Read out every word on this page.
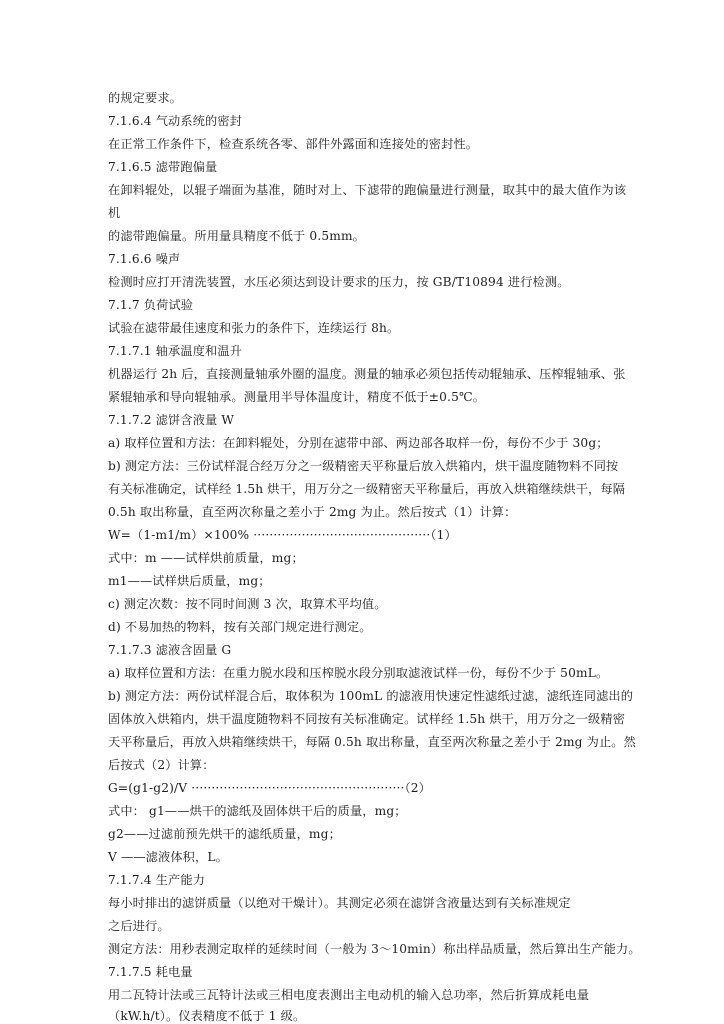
的规定要求。
7.1.6.4 气动系统的密封
在正常工作条件下，检查系统各零、部件外露面和连接处的密封性。
7.1.6.5 滤带跑偏量
在卸料辊处，以辊子端面为基准，随时对上、下滤带的跑偏量进行测量，取其中的最大值作为该
机
的滤带跑偏量。所用量具精度不低于 0.5mm。
7.1.6.6 噪声
检测时应打开清洗装置，水压必须达到设计要求的压力，按 GB/T10894 进行检测。
7.1.7 负荷试验
试验在滤带最佳速度和张力的条件下，连续运行 8h。
7.1.7.1 轴承温度和温升
机器运行 2h 后，直接测量轴承外圈的温度。测量的轴承必须包括传动辊轴承、压榨辊轴承、张
紧辊轴承和导向辊轴承。测量用半导体温度计，精度不低于±0.5℃。
7.1.7.2 滤饼含液量 W
a) 取样位置和方法：在卸料辊处，分别在滤带中部、两边部各取样一份，每份不少于 30g；
b) 测定方法：三份试样混合经万分之一级精密天平称量后放入烘箱内，烘干温度随物料不同按
有关标准确定，试样经 1.5h 烘干，用万分之一级精密天平称量后，再放入烘箱继续烘干，每隔
0.5h 取出称量，直至两次称量之差小于 2mg 为止。然后按式（1）计算：
W=（1-m1/m）×100% ············································（1）
式中：m ——试样烘前质量，mg；
m1——试样烘后质量，mg；
c) 测定次数：按不同时间测 3 次，取算术平均值。
d) 不易加热的物料，按有关部门规定进行测定。
7.1.7.3 滤液含固量 G
a) 取样位置和方法：在重力脱水段和压榨脱水段分别取滤液试样一份，每份不少于 50mL。
b) 测定方法：两份试样混合后，取体积为 100mL 的滤液用快速定性滤纸过滤，滤纸连同滤出的
固体放入烘箱内，烘干温度随物料不同按有关标准确定。试样经 1.5h 烘干，用万分之一级精密
天平称量后，再放入烘箱继续烘干，每隔 0.5h 取出称量，直至两次称量之差小于 2mg 为止。然
后按式（2）计算：
G=(g1-g2)/V ·····················································（2）
式中： g1——烘干的滤纸及固体烘干后的质量，mg；
g2——过滤前预先烘干的滤纸质量，mg；
V ——滤液体积，L。
7.1.7.4 生产能力
每小时排出的滤饼质量（以绝对干燥计）。其测定必须在滤饼含液量达到有关标准规定
之后进行。
测定方法：用秒表测定取样的延续时间（一般为 3～10min）称出样品质量，然后算出生产能力。
7.1.7.5 耗电量
用二瓦特计法或三瓦特计法或三相电度表测出主电动机的输入总功率，然后折算成耗电量
（kW.h/t）。仪表精度不低于 1 级。
